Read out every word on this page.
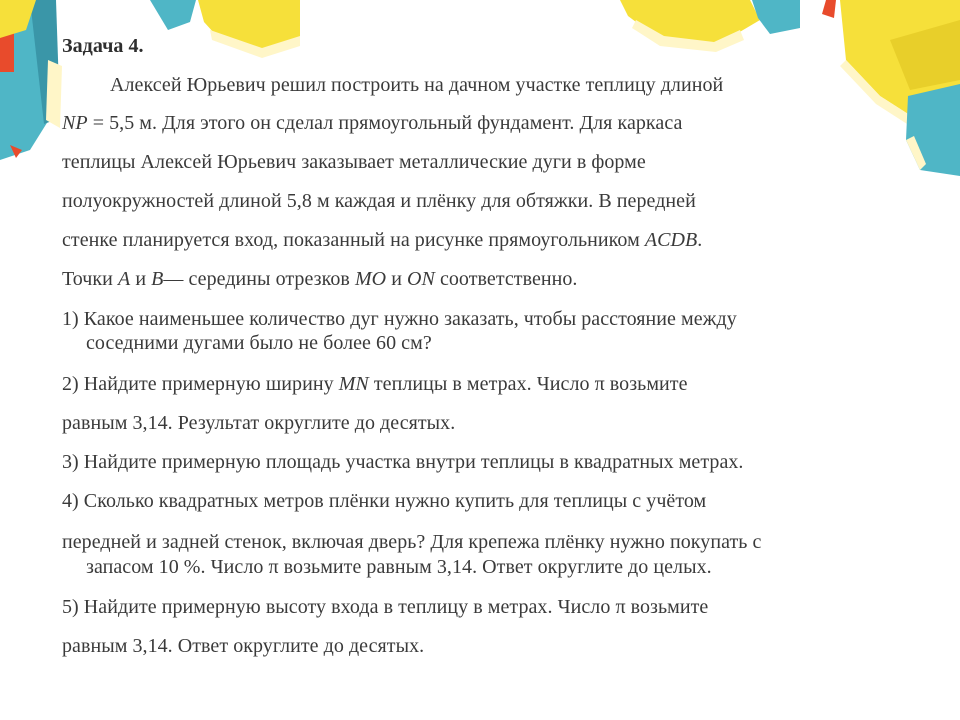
Задача 4.

Алексей Юрьевич решил построить на дачном участке теплицу длиной

NP = 5,5 м. Для этого он сделал прямоугольный фундамент. Для каркаса

теплицы Алексей Юрьевич заказывает металлические дуги в форме

полуокружностей длиной 5,8 м каждая и плёнку для обтяжки. В передней

стенке планируется вход, показанный на рисунке прямоугольником ACDB.

Точки A и B— середины отрезков MO и ON соответственно.

1) Какое наименьшее количество дуг нужно заказать, чтобы расстояние между

соседними дугами было не более 60 см?

2) Найдите примерную ширину MN теплицы в метрах. Число π возьмите

равным 3,14. Результат округлите до десятых.

3) Найдите примерную площадь участка внутри теплицы в квадратных метрах.

4) Сколько квадратных метров плёнки нужно купить для теплицы с учётом

передней и задней стенок, включая дверь? Для крепежа плёнку нужно покупать с

запасом 10 %. Число π возьмите равным 3,14. Ответ округлите до целых.

5) Найдите примерную высоту входа в теплицу в метрах. Число π возьмите

равным 3,14. Ответ округлите до десятых.
